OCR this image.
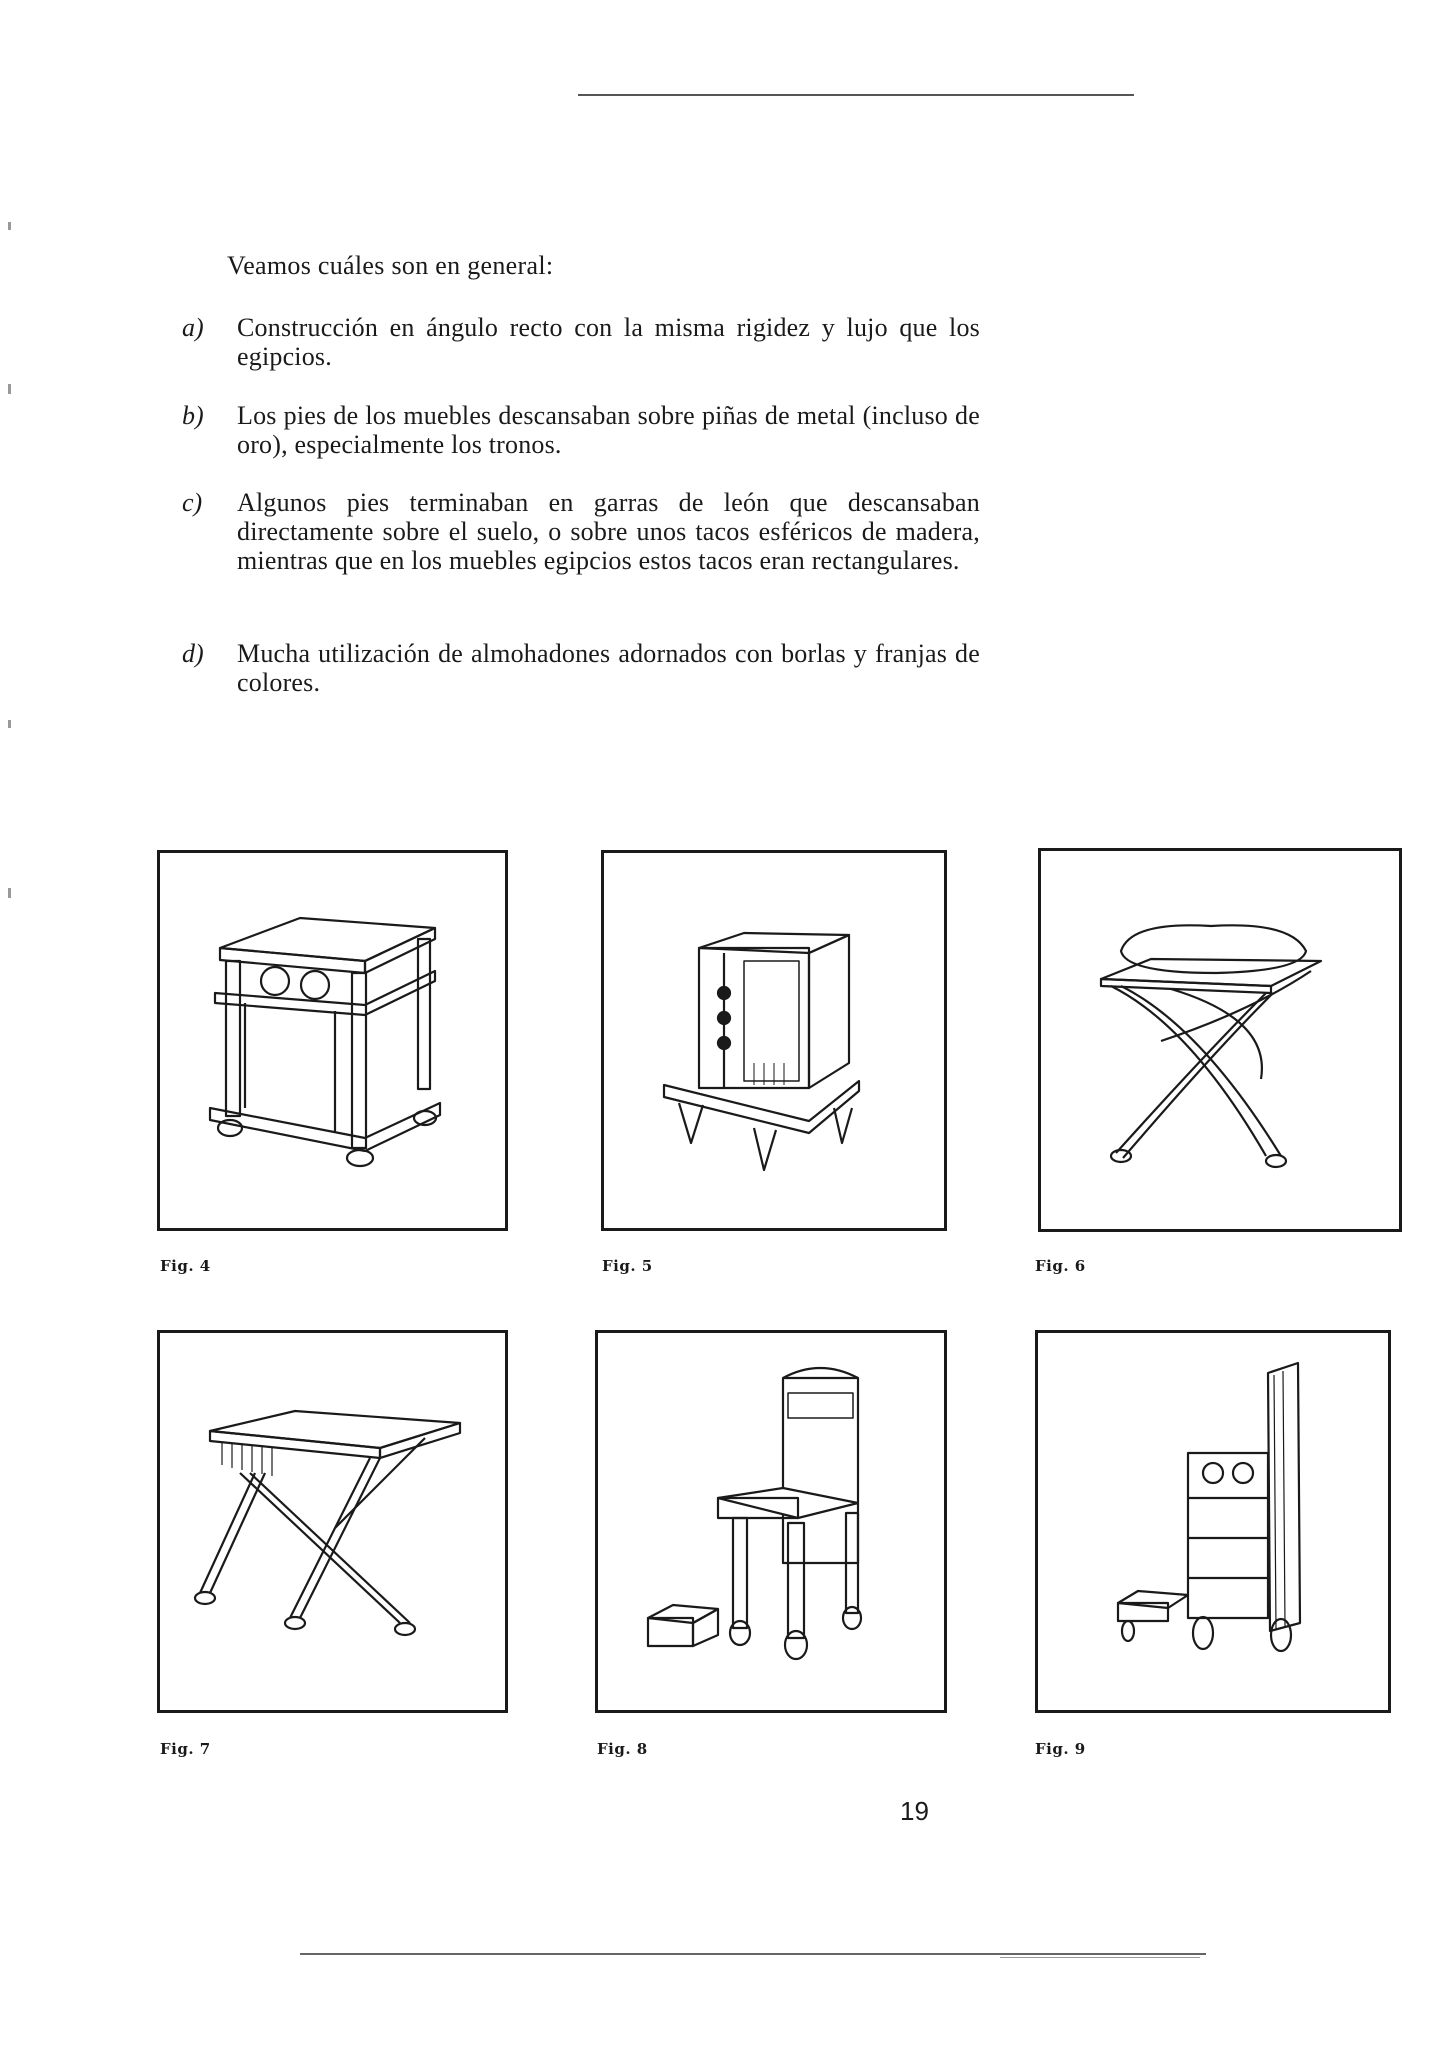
Veamos cuáles son en general:
a) Construcción en ángulo recto con la misma rigidez y lujo que los egipcios.
b) Los pies de los muebles descansaban sobre piñas de metal (incluso de oro), especialmente los tronos.
c) Algunos pies terminaban en garras de león que descansaban directamente sobre el suelo, o sobre unos tacos esféricos de madera, mientras que en los muebles egipcios estos tacos eran rectangulares.
d) Mucha utilización de almohadones adornados con borlas y franjas de colores.
Fig. 4	Fig. 5	Fig. 6
Fig. 7	Fig. 8	Fig. 9
19
